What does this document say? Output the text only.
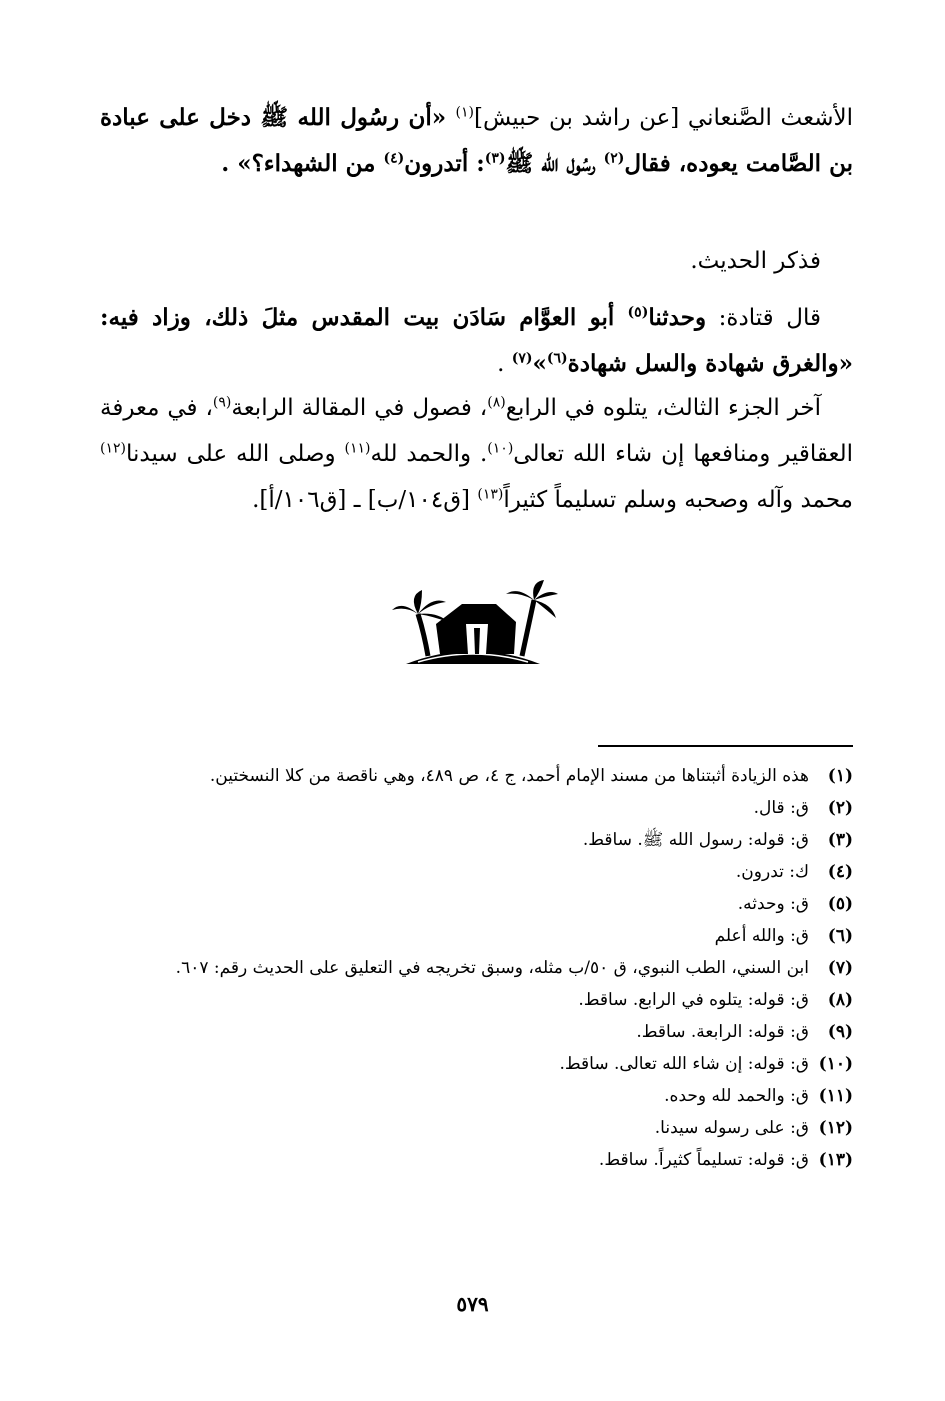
الأشعث الصَّنعاني [عن راشد بن حبيش]$^{(١)}$ «أن رسُول الله ﷺ دخل على عبادة بن الصَّامت يعوده، فقال$^{(٢)}$ رسُول الله ﷺ$^{(٣)}$: أتدرون$^{(٤)}$ من الشهداء؟» .

فذكر الحديث.

قال قتادة: وحدثنا$^{(٥)}$ أبو العوَّام سَادَن بيت المقدس مثلَ ذلك، وزاد فيه: «والغرق شهادة والسل شهادة$^{(٦)}$»$^{(٧)}$ .

آخر الجزء الثالث، يتلوه في الرابع$^{(٨)}$، فصول في المقالة الرابعة$^{(٩)}$، في معرفة العقاقير ومنافعها إن شاء الله تعالى$^{(١٠)}$. والحمد لله$^{(١١)}$ وصلى الله على سيدنا$^{(١٢)}$ محمد وآله وصحبه وسلم تسليماً كثيراً$^{(١٣)}$ [ق١٠٤/ب] ـ [ق١٠٦/أ].

(١)
هذه الزيادة أثبتناها من مسند الإمام أحمد، ج ٤، ص ٤٨٩، وهي ناقصة من كلا النسختين.
(٢)
ق: قال.
(٣)
ق: قوله: رسول الله ﷺ. ساقط.
(٤)
ك: تدرون.
(٥)
ق: وحدثه.
(٦)
ق: والله أعلم
(٧)
ابن السني، الطب النبوي، ق ٥٠/ب مثله، وسبق تخريجه في التعليق على الحديث رقم: ٦٠٧.
(٨)
ق: قوله: يتلوه في الرابع. ساقط.
(٩)
ق: قوله: الرابعة. ساقط.
(١٠)
ق: قوله: إن شاء الله تعالى. ساقط.
(١١)
ق: والحمد لله وحده.
(١٢)
ق: على رسوله سيدنا.
(١٣)
ق: قوله: تسليماً كثيراً. ساقط.
٥٧٩
